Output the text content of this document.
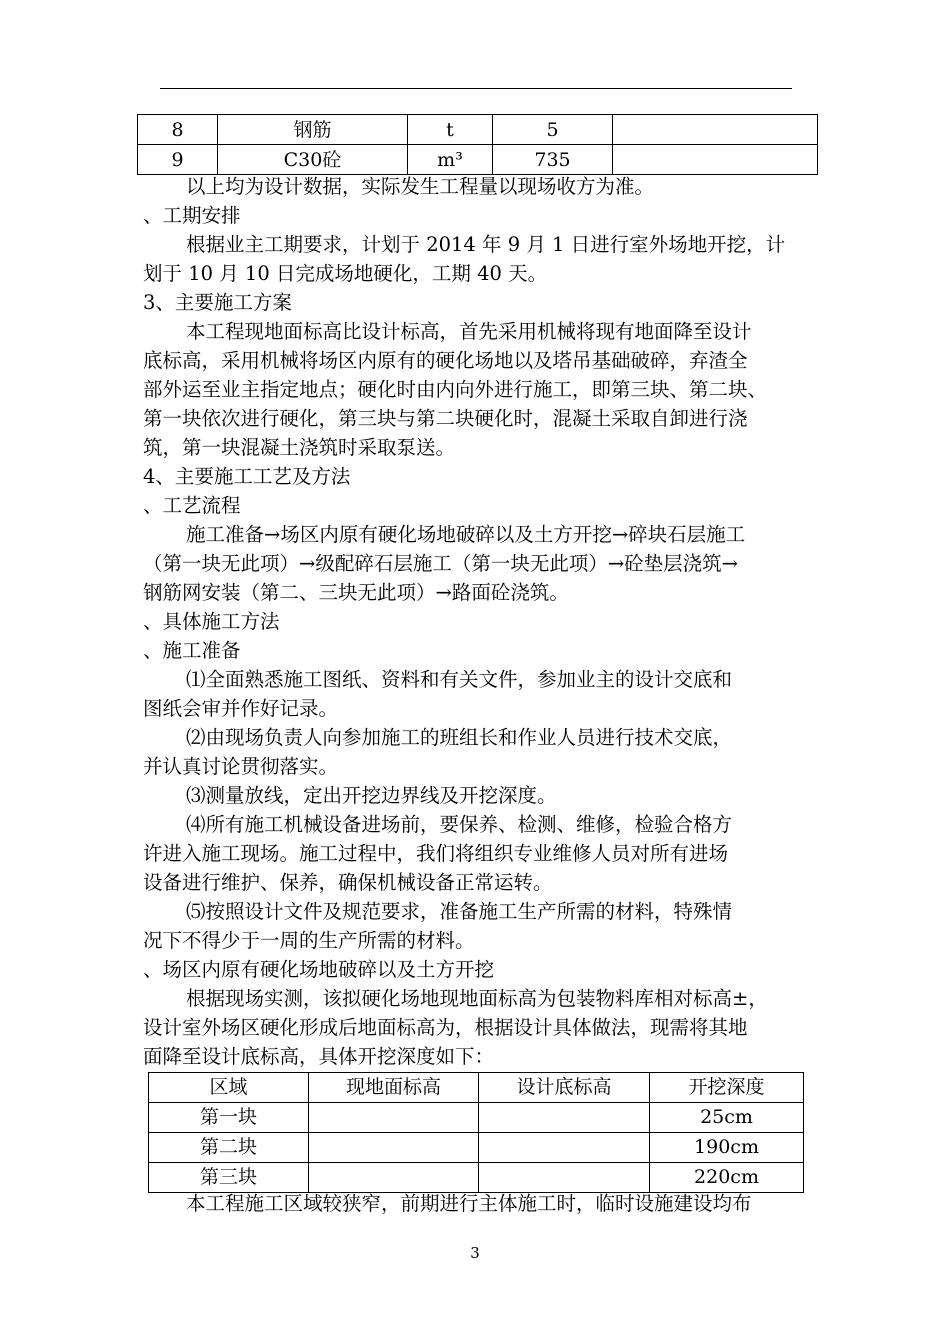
8	钢筋	t	5	
9	C30砼	m³	735	
以上均为设计数据，实际发生工程量以现场收方为准。
、工期安排
根据业主工期要求，计划于 2014 年 9 月 1 日进行室外场地开挖，计
划于 10 月 10 日完成场地硬化，工期 40 天。
3、主要施工方案
本工程现地面标高比设计标高，首先采用机械将现有地面降至设计
底标高，采用机械将场区内原有的硬化场地以及塔吊基础破碎，弃渣全
部外运至业主指定地点；硬化时由内向外进行施工，即第三块、第二块、
第一块依次进行硬化，第三块与第二块硬化时，混凝土采取自卸进行浇
筑，第一块混凝土浇筑时采取泵送。
4、主要施工工艺及方法
、工艺流程
施工准备→场区内原有硬化场地破碎以及土方开挖→碎块石层施工
（第一块无此项）→级配碎石层施工（第一块无此项）→砼垫层浇筑→
钢筋网安装（第二、三块无此项）→路面砼浇筑。
、具体施工方法
、施工准备
⑴全面熟悉施工图纸、资料和有关文件，参加业主的设计交底和
图纸会审并作好记录。
⑵由现场负责人向参加施工的班组长和作业人员进行技术交底，
并认真讨论贯彻落实。
⑶测量放线，定出开挖边界线及开挖深度。
⑷所有施工机械设备进场前，要保养、检测、维修，检验合格方
许进入施工现场。施工过程中，我们将组织专业维修人员对所有进场
设备进行维护、保养，确保机械设备正常运转。
⑸按照设计文件及规范要求，准备施工生产所需的材料，特殊情
况下不得少于一周的生产所需的材料。
、场区内原有硬化场地破碎以及土方开挖
根据现场实测，该拟硬化场地现地面标高为包装物料库相对标高±，
设计室外场区硬化形成后地面标高为，根据设计具体做法，现需将其地
面降至设计底标高，具体开挖深度如下：
区域	现地面标高	设计底标高	开挖深度
第一块			25cm
第二块			190cm
第三块			220cm
本工程施工区域较狭窄，前期进行主体施工时，临时设施建设均布
3
